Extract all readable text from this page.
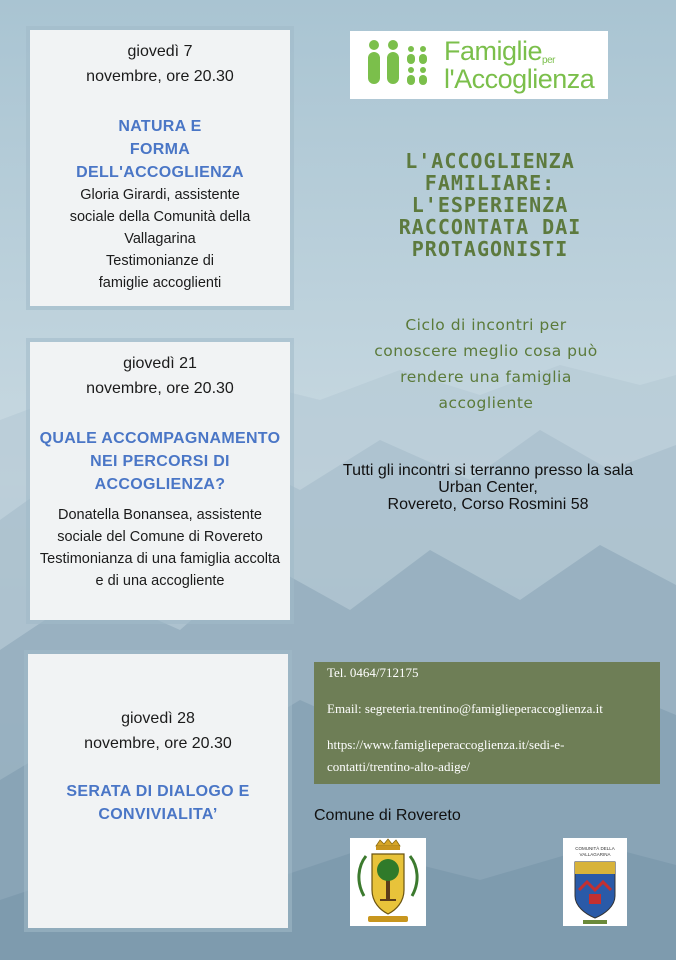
giovedì 7
novembre, ore 20.30
NATURA E
FORMA
DELL'ACCOGLIENZA
Gloria Girardi, assistente
sociale della Comunità della
Vallagarina
Testimonianze di
famiglie accoglienti
giovedì 21
novembre, ore 20.30
QUALE ACCOMPAGNAMENTO
NEI PERCORSI DI
ACCOGLIENZA?
Donatella Bonansea, assistente
sociale del Comune di Rovereto
Testimonianza di una famiglia accolta
e di una accogliente
giovedì 28
novembre, ore 20.30
SERATA DI DIALOGO E
CONVIVIALITA’
Famiglie$^{per}$
l'Accoglienza
L'ACCOGLIENZA
FAMILIARE:
L'ESPERIENZA
RACCONTATA DAI
PROTAGONISTI
Ciclo di incontri per
conoscere meglio cosa può
rendere una famiglia
accogliente
Tutti gli incontri si terranno presso la sala
Urban Center,
Rovereto, Corso Rosmini 58
Tel. 0464/712175
Email: segreteria.trentino@famiglieperaccoglienza.it
https://www.famiglieperaccoglienza.it/sedi-e-
contatti/trentino-alto-adige/
Comune di Rovereto
COMUNITÀ DELLA
VALLAGARINA
